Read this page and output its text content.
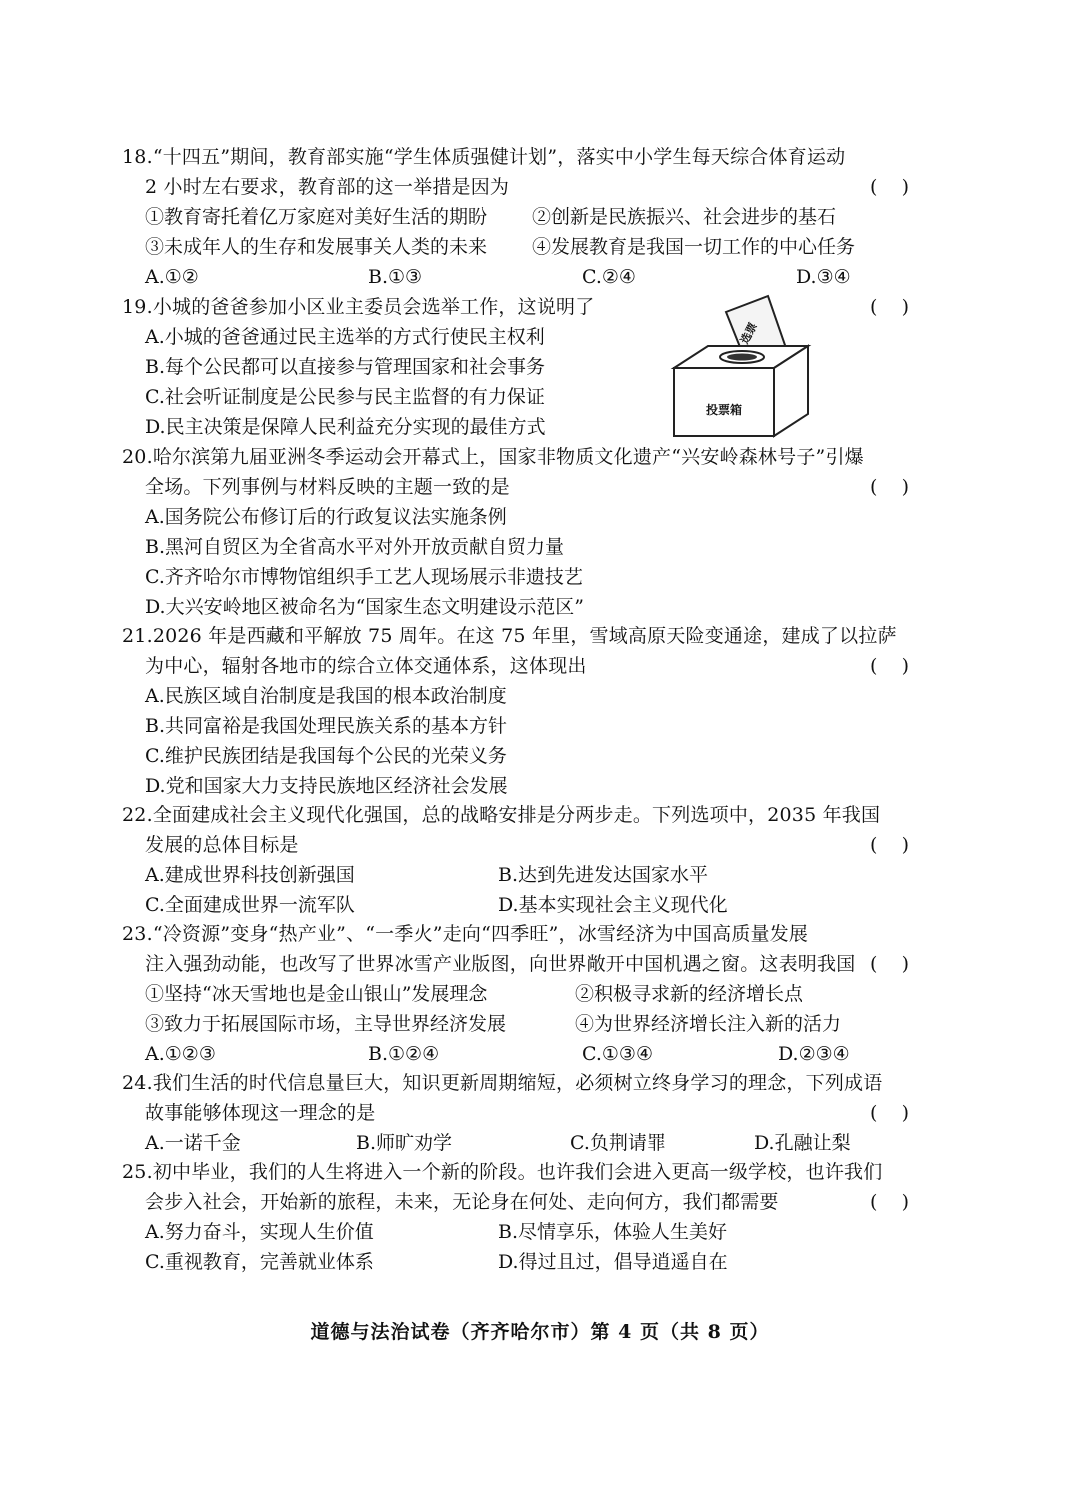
18.“十四五”期间，教育部实施“学生体质强健计划”，落实中小学生每天综合体育运动
2 小时左右要求，教育部的这一举措是因为	(    )
①教育寄托着亿万家庭对美好生活的期盼 ②创新是民族振兴、社会进步的基石
③未成年人的生存和发展事关人类的未来 ④发展教育是我国一切工作的中心任务
A.①②	B.①③	C.②④	D.③④
19.小城的爸爸参加小区业主委员会选举工作，这说明了	(    )
A.小城的爸爸通过民主选举的方式行使民主权利
B.每个公民都可以直接参与管理国家和社会事务
C.社会听证制度是公民参与民主监督的有力保证
D.民主决策是保障人民利益充分实现的最佳方式
选票
投票箱
20.哈尔滨第九届亚洲冬季运动会开幕式上，国家非物质文化遗产“兴安岭森林号子”引爆
全场。下列事例与材料反映的主题一致的是	(    )
A.国务院公布修订后的行政复议法实施条例
B.黑河自贸区为全省高水平对外开放贡献自贸力量
C.齐齐哈尔市博物馆组织手工艺人现场展示非遗技艺
D.大兴安岭地区被命名为“国家生态文明建设示范区”
21.2026 年是西藏和平解放 75 周年。在这 75 年里，雪域高原天险变通途，建成了以拉萨
为中心，辐射各地市的综合立体交通体系，这体现出	(    )
A.民族区域自治制度是我国的根本政治制度
B.共同富裕是我国处理民族关系的基本方针
C.维护民族团结是我国每个公民的光荣义务
D.党和国家大力支持民族地区经济社会发展
22.全面建成社会主义现代化强国，总的战略安排是分两步走。下列选项中，2035 年我国
发展的总体目标是	(    )
A.建成世界科技创新强国	B.达到先进发达国家水平
C.全面建成世界一流军队	D.基本实现社会主义现代化
23.“冷资源”变身“热产业”、“一季火”走向“四季旺”，冰雪经济为中国高质量发展
注入强劲动能，也改写了世界冰雪产业版图，向世界敞开中国机遇之窗。这表明我国 (    )
①坚持“冰天雪地也是金山银山”发展理念	②积极寻求新的经济增长点
③致力于拓展国际市场，主导世界经济发展	④为世界经济增长注入新的活力
A.①②③	B.①②④	C.①③④	D.②③④
24.我们生活的时代信息量巨大，知识更新周期缩短，必须树立终身学习的理念，下列成语
故事能够体现这一理念的是	(    )
A.一诺千金	B.师旷劝学	C.负荆请罪	D.孔融让梨
25.初中毕业，我们的人生将进入一个新的阶段。也许我们会进入更高一级学校，也许我们
会步入社会，开始新的旅程，未来，无论身在何处、走向何方，我们都需要	(    )
A.努力奋斗，实现人生价值	B.尽情享乐，体验人生美好
C.重视教育，完善就业体系	D.得过且过，倡导逍遥自在
道德与法治试卷（齐齐哈尔市）第 4 页（共 8 页）
